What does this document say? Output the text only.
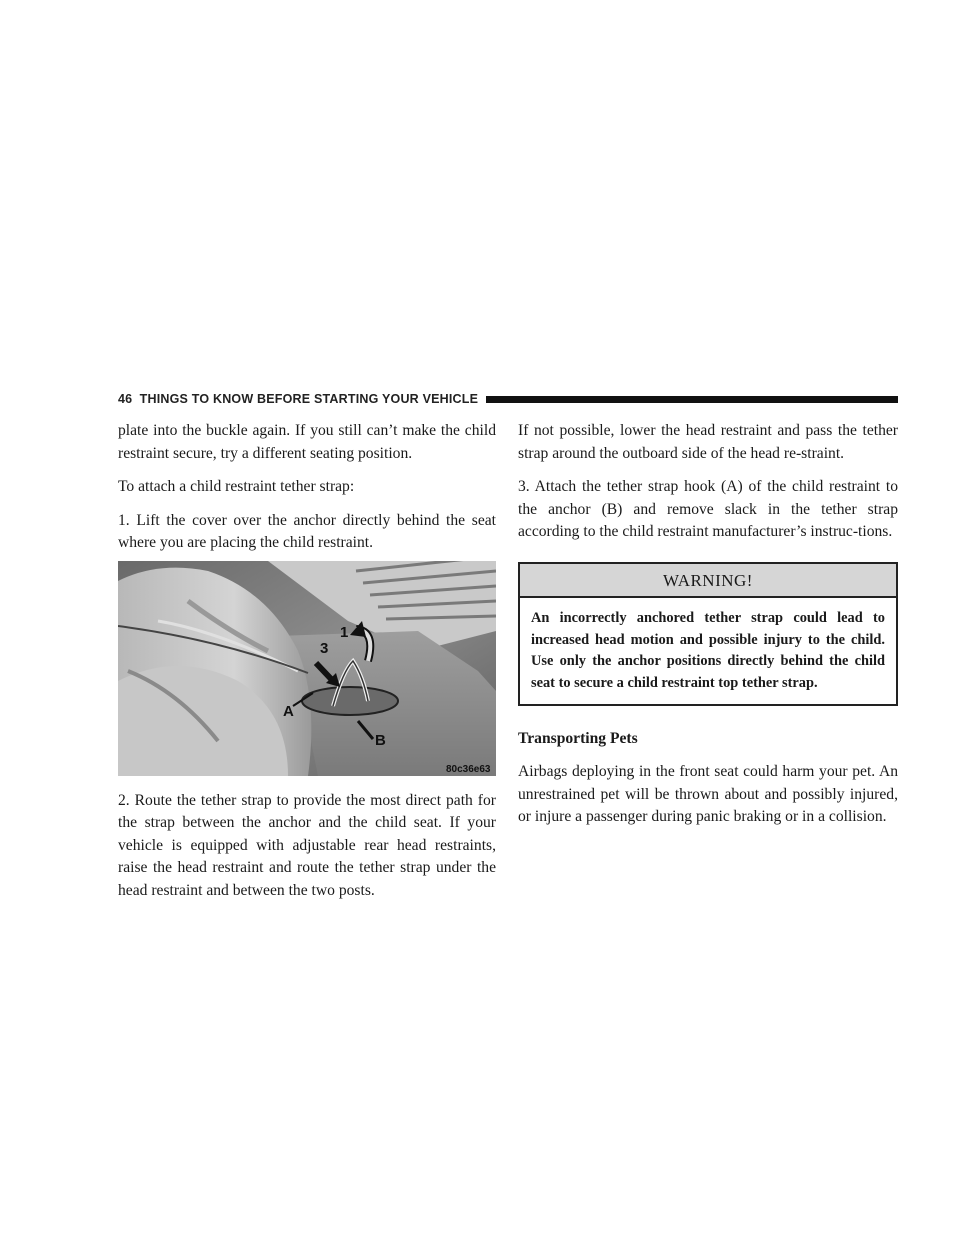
46 THINGS TO KNOW BEFORE STARTING YOUR VEHICLE

plate into the buckle again. If you still can’t make the child restraint secure, try a different seating position.

To attach a child restraint tether strap:

1. Lift the cover over the anchor directly behind the seat where you are placing the child restraint.

1
3
A
B
80c36e63

2. Route the tether strap to provide the most direct path for the strap between the anchor and the child seat. If your vehicle is equipped with adjustable rear head restraints, raise the head restraint and route the tether strap under the head restraint and between the two posts.

If not possible, lower the head restraint and pass the tether strap around the outboard side of the head re-straint.

3. Attach the tether strap hook (A) of the child restraint to the anchor (B) and remove slack in the tether strap according to the child restraint manufacturer’s instruc-tions.

WARNING!
An incorrectly anchored tether strap could lead to increased head motion and possible injury to the child. Use only the anchor positions directly behind the child seat to secure a child restraint top tether strap.

Transporting Pets

Airbags deploying in the front seat could harm your pet. An unrestrained pet will be thrown about and possibly injured, or injure a passenger during panic braking or in a collision.
